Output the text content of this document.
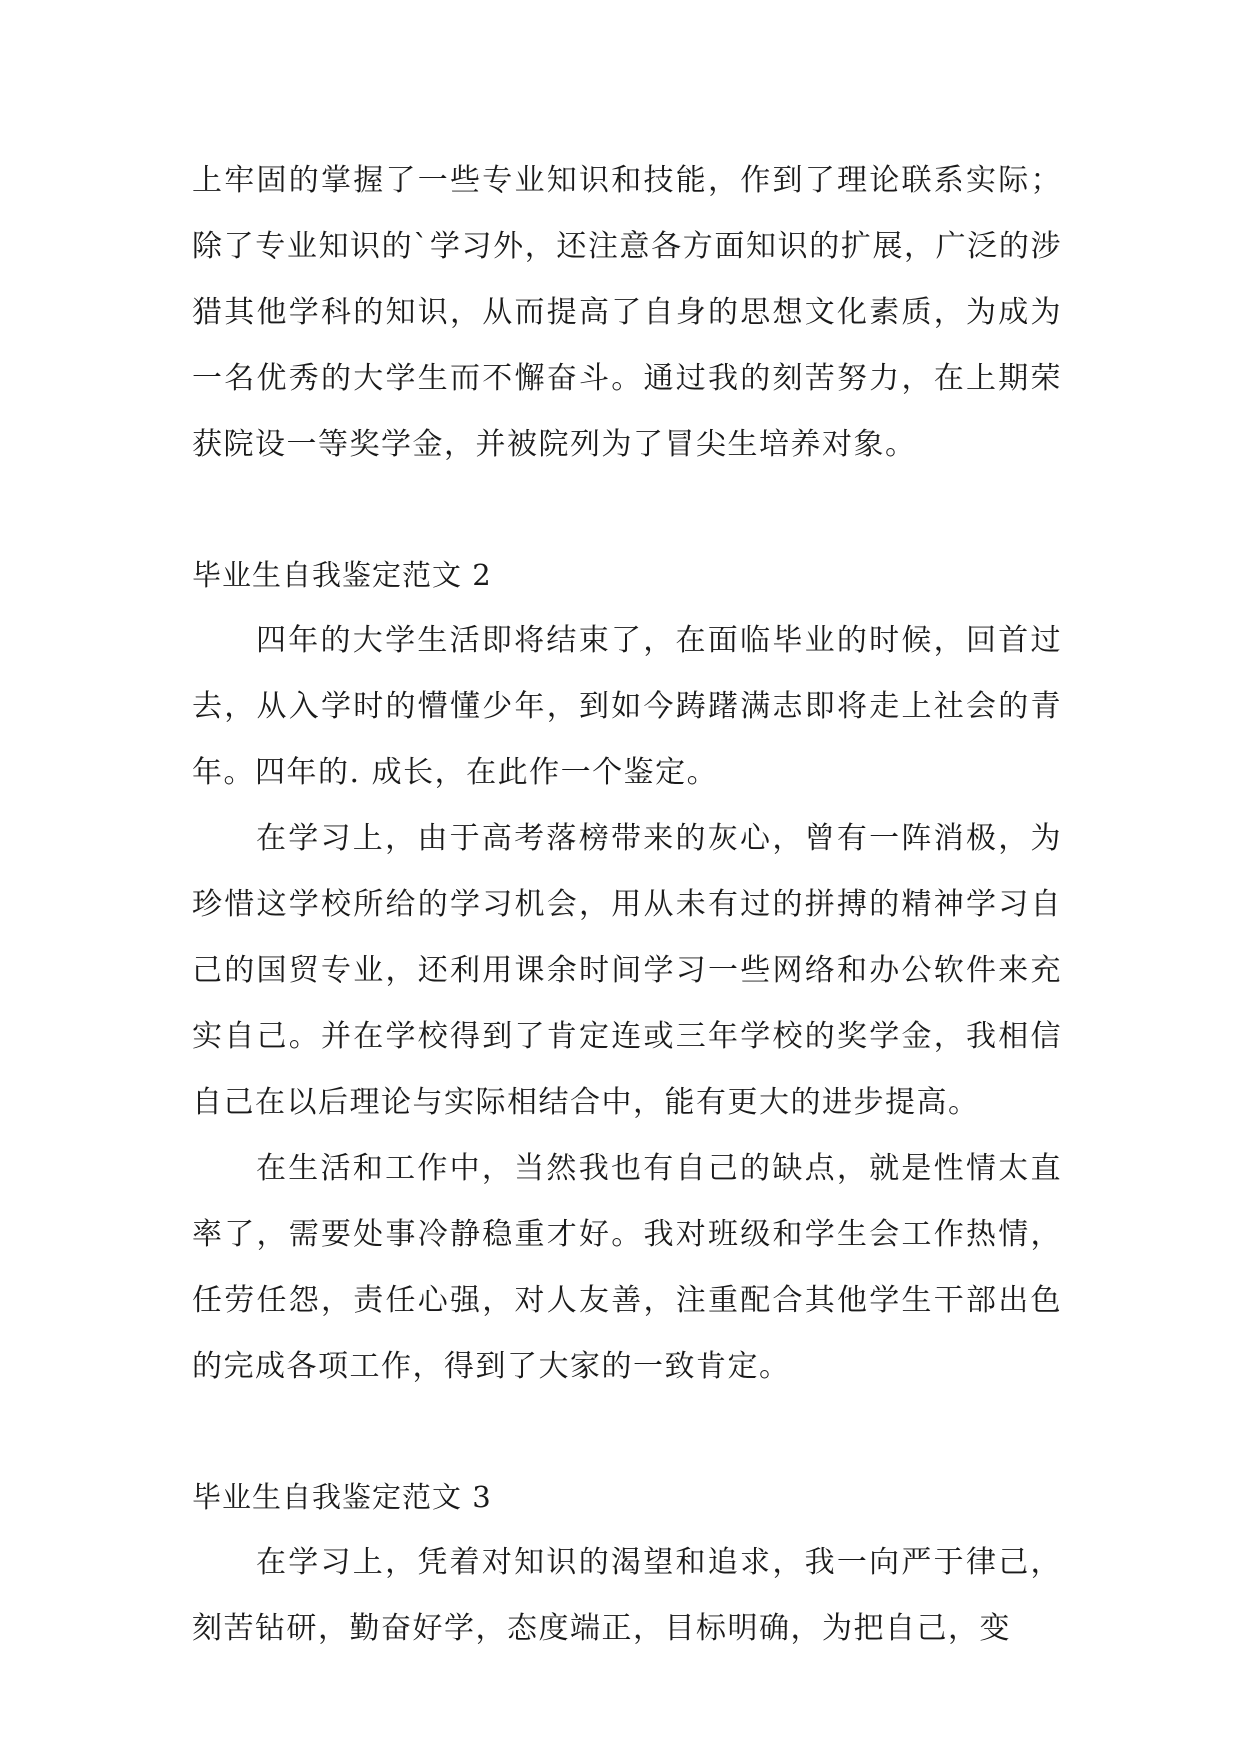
上牢固的掌握了一些专业知识和技能，作到了理论联系实际；除了专业知识的`学习外，还注意各方面知识的扩展，广泛的涉猎其他学科的知识，从而提高了自身的思想文化素质，为成为一名优秀的大学生而不懈奋斗。通过我的刻苦努力，在上期荣获院设一等奖学金，并被院列为了冒尖生培养对象。

毕业生自我鉴定范文 2

四年的大学生活即将结束了，在面临毕业的时候，回首过去，从入学时的懵懂少年，到如今踌躇满志即将走上社会的青年。四年的. 成长，在此作一个鉴定。

在学习上，由于高考落榜带来的灰心，曾有一阵消极，为珍惜这学校所给的学习机会，用从未有过的拼搏的精神学习自己的国贸专业，还利用课余时间学习一些网络和办公软件来充实自己。并在学校得到了肯定连或三年学校的奖学金，我相信自己在以后理论与实际相结合中，能有更大的进步提高。

在生活和工作中，当然我也有自己的缺点，就是性情太直率了，需要处事冷静稳重才好。我对班级和学生会工作热情，任劳任怨，责任心强，对人友善，注重配合其他学生干部出色的完成各项工作，得到了大家的一致肯定。

毕业生自我鉴定范文 3

在学习上，凭着对知识的渴望和追求，我一向严于律己，刻苦钻研，勤奋好学，态度端正，目标明确，为把自己，变
